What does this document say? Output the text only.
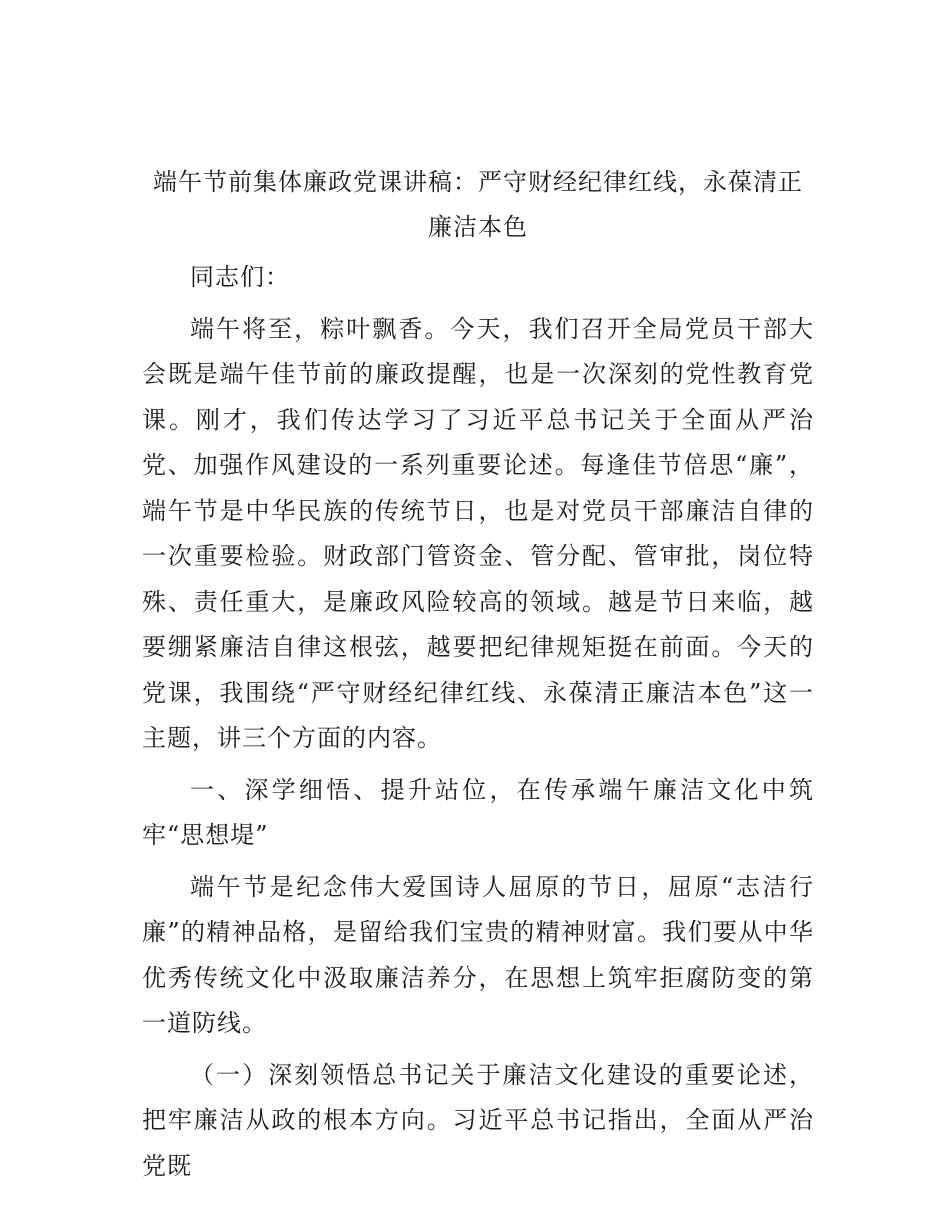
端午节前集体廉政党课讲稿：严守财经纪律红线，永葆清正廉洁本色

同志们：

端午将至，粽叶飘香。今天，我们召开全局党员干部大会既是端午佳节前的廉政提醒，也是一次深刻的党性教育党课。刚才，我们传达学习了习近平总书记关于全面从严治党、加强作风建设的一系列重要论述。每逢佳节倍思“廉”，端午节是中华民族的传统节日，也是对党员干部廉洁自律的一次重要检验。财政部门管资金、管分配、管审批，岗位特殊、责任重大，是廉政风险较高的领域。越是节日来临，越要绷紧廉洁自律这根弦，越要把纪律规矩挺在前面。今天的党课，我围绕“严守财经纪律红线、永葆清正廉洁本色”这一主题，讲三个方面的内容。

一、深学细悟、提升站位，在传承端午廉洁文化中筑牢“思想堤”

端午节是纪念伟大爱国诗人屈原的节日，屈原“志洁行廉”的精神品格，是留给我们宝贵的精神财富。我们要从中华优秀传统文化中汲取廉洁养分，在思想上筑牢拒腐防变的第一道防线。

（一）深刻领悟总书记关于廉洁文化建设的重要论述，把牢廉洁从政的根本方向。习近平总书记指出，全面从严治党既
